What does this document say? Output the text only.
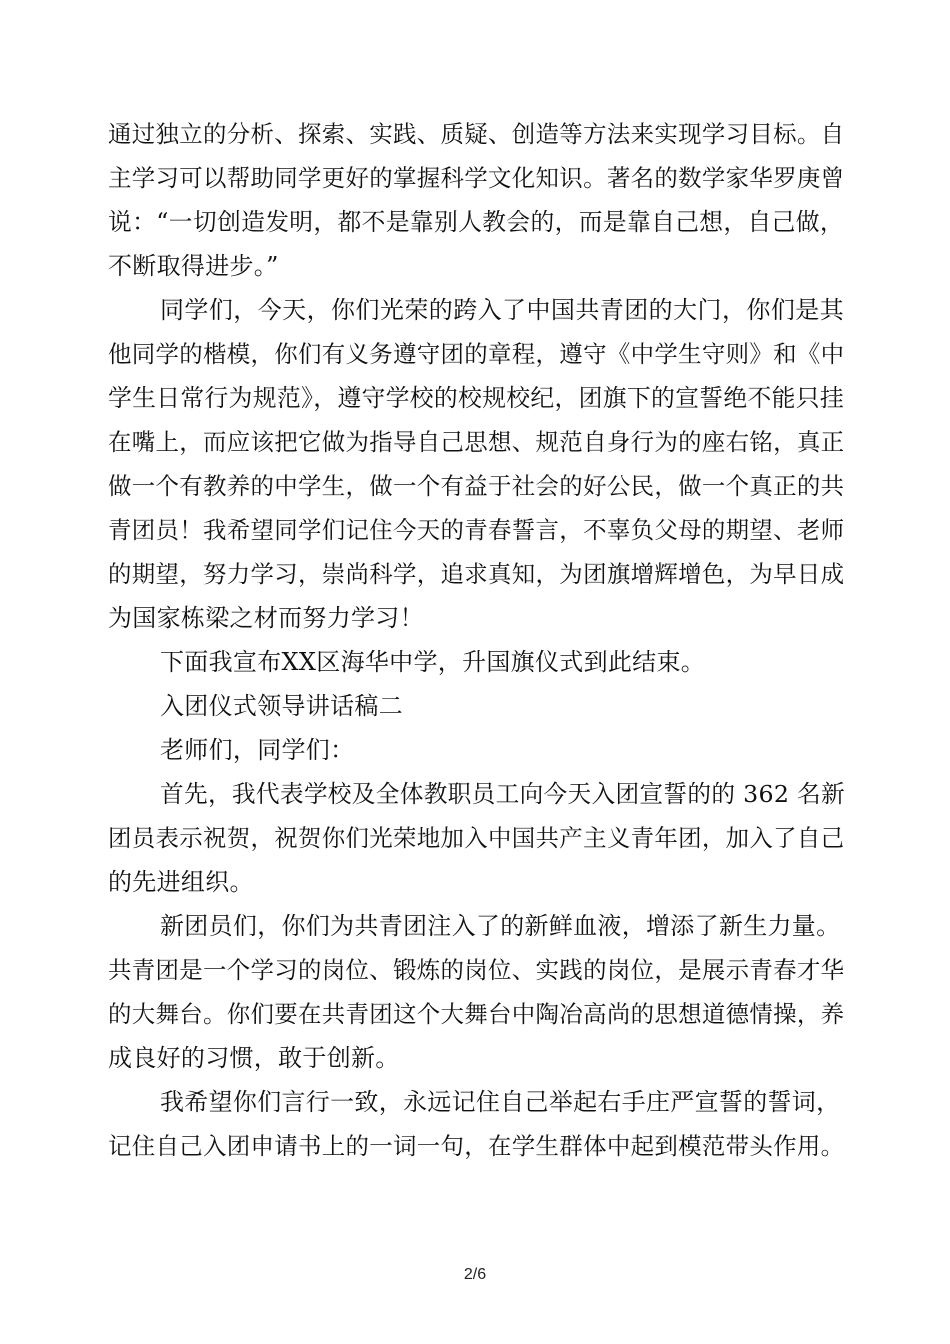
通过独立的分析、探索、实践、质疑、创造等方法来实现学习目标。自
主学习可以帮助同学更好的掌握科学文化知识。著名的数学家华罗庚曾
说：“一切创造发明，都不是靠别人教会的，而是靠自己想，自己做，
不断取得进步。”
同学们，今天，你们光荣的跨入了中国共青团的大门，你们是其
他同学的楷模，你们有义务遵守团的章程，遵守《中学生守则》和《中
学生日常行为规范》，遵守学校的校规校纪，团旗下的宣誓绝不能只挂
在嘴上，而应该把它做为指导自己思想、规范自身行为的座右铭，真正
做一个有教养的中学生，做一个有益于社会的好公民，做一个真正的共
青团员！我希望同学们记住今天的青春誓言，不辜负父母的期望、老师
的期望，努力学习，崇尚科学，追求真知，为团旗增辉增色，为早日成
为国家栋梁之材而努力学习！
下面我宣布XX区海华中学，升国旗仪式到此结束。
入团仪式领导讲话稿二
老师们，同学们：
首先，我代表学校及全体教职员工向今天入团宣誓的的 362 名新
团员表示祝贺，祝贺你们光荣地加入中国共产主义青年团，加入了自己
的先进组织。
新团员们，你们为共青团注入了的新鲜血液，增添了新生力量。
共青团是一个学习的岗位、锻炼的岗位、实践的岗位，是展示青春才华
的大舞台。你们要在共青团这个大舞台中陶冶高尚的思想道德情操，养
成良好的习惯，敢于创新。
我希望你们言行一致，永远记住自己举起右手庄严宣誓的誓词，
记住自己入团申请书上的一词一句，在学生群体中起到模范带头作用。
2/6
